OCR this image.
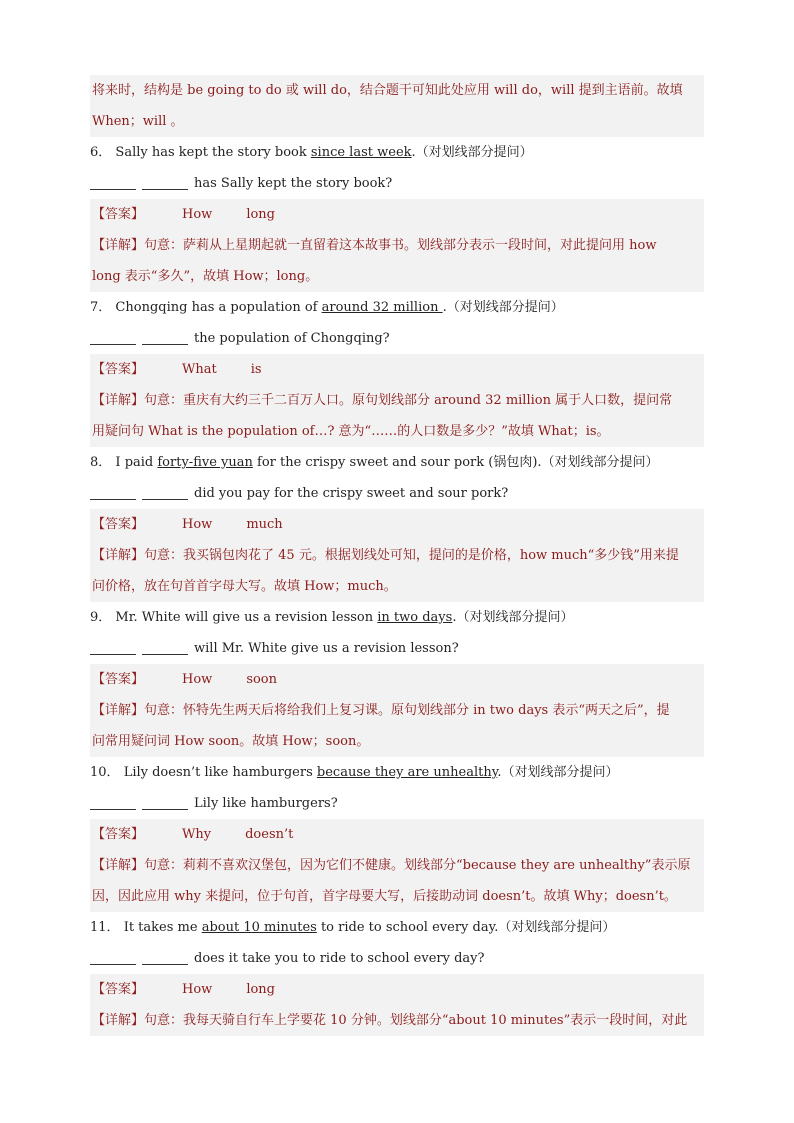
将来时，结构是 be going to do 或 will do，结合题干可知此处应用 will do，will 提到主语前。故填
When；will 。
6． Sally has kept the story book since last week.（对划线部分提问）
has Sally kept the story book?
【答案】	How	long
【详解】句意：萨莉从上星期起就一直留着这本故事书。划线部分表示一段时间，对此提问用 how
long 表示“多久”，故填 How；long。
7． Chongqing has a population of around 32 million .（对划线部分提问）
the population of Chongqing?
【答案】	What	is
【详解】句意：重庆有大约三千二百万人口。原句划线部分 around 32 million 属于人口数，提问常
用疑问句 What is the population of…? 意为“……的人口数是多少？”故填 What；is。
8． I paid forty-five yuan for the crispy sweet and sour pork (锅包肉).（对划线部分提问）
did you pay for the crispy sweet and sour pork?
【答案】	How	much
【详解】句意：我买锅包肉花了 45 元。根据划线处可知，提问的是价格，how much“多少钱”用来提
问价格，放在句首首字母大写。故填 How；much。
9． Mr. White will give us a revision lesson in two days.（对划线部分提问）
will Mr. White give us a revision lesson?
【答案】	How	soon
【详解】句意：怀特先生两天后将给我们上复习课。原句划线部分 in two days 表示“两天之后”，提
问常用疑问词 How soon。故填 How；soon。
10． Lily doesn’t like hamburgers because they are unhealthy.（对划线部分提问）
Lily like hamburgers?
【答案】	Why	doesn’t
【详解】句意：莉莉不喜欢汉堡包，因为它们不健康。划线部分“because they are unhealthy”表示原
因，因此应用 why 来提问，位于句首，首字母要大写，后接助动词 doesn’t。故填 Why；doesn’t。
11． It takes me about 10 minutes to ride to school every day.（对划线部分提问）
does it take you to ride to school every day?
【答案】	How	long
【详解】句意：我每天骑自行车上学要花 10 分钟。划线部分“about 10 minutes”表示一段时间，对此
